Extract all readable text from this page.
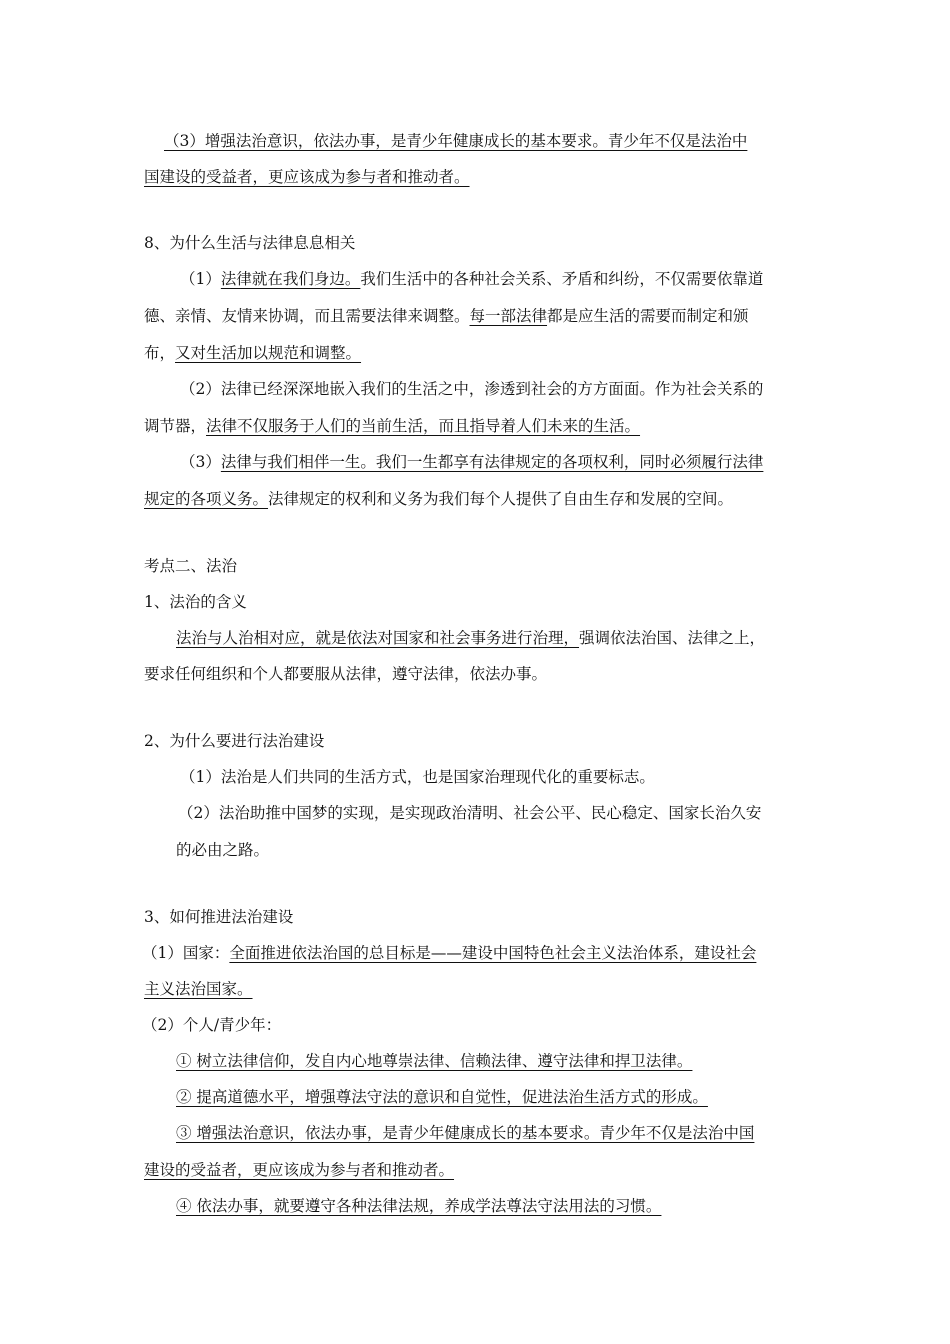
（3）增强法治意识，依法办事，是青少年健康成长的基本要求。青少年不仅是法治中
国建设的受益者，更应该成为参与者和推动者。
8、为什么生活与法律息息相关
（1）法律就在我们身边。我们生活中的各种社会关系、矛盾和纠纷，不仅需要依靠道
德、亲情、友情来协调，而且需要法律来调整。每一部法律都是应生活的需要而制定和颁
布，又对生活加以规范和调整。
（2）法律已经深深地嵌入我们的生活之中，渗透到社会的方方面面。作为社会关系的
调节器，法律不仅服务于人们的当前生活，而且指导着人们未来的生活。
（3）法律与我们相伴一生。我们一生都享有法律规定的各项权利，同时必须履行法律
规定的各项义务。法律规定的权利和义务为我们每个人提供了自由生存和发展的空间。
考点二、法治
1、法治的含义
法治与人治相对应，就是依法对国家和社会事务进行治理，强调依法治国、法律之上，
要求任何组织和个人都要服从法律，遵守法律，依法办事。
2、为什么要进行法治建设
（1）法治是人们共同的生活方式，也是国家治理现代化的重要标志。
（2）法治助推中国梦的实现，是实现政治清明、社会公平、民心稳定、国家长治久安
的必由之路。
3、如何推进法治建设
（1）国家：全面推进依法治国的总目标是——建设中国特色社会主义法治体系，建设社会
主义法治国家。
（2）个人/青少年：
① 树立法律信仰，发自内心地尊崇法律、信赖法律、遵守法律和捍卫法律。
② 提高道德水平，增强尊法守法的意识和自觉性，促进法治生活方式的形成。
③ 增强法治意识，依法办事，是青少年健康成长的基本要求。青少年不仅是法治中国
建设的受益者，更应该成为参与者和推动者。
④ 依法办事，就要遵守各种法律法规，养成学法尊法守法用法的习惯。
